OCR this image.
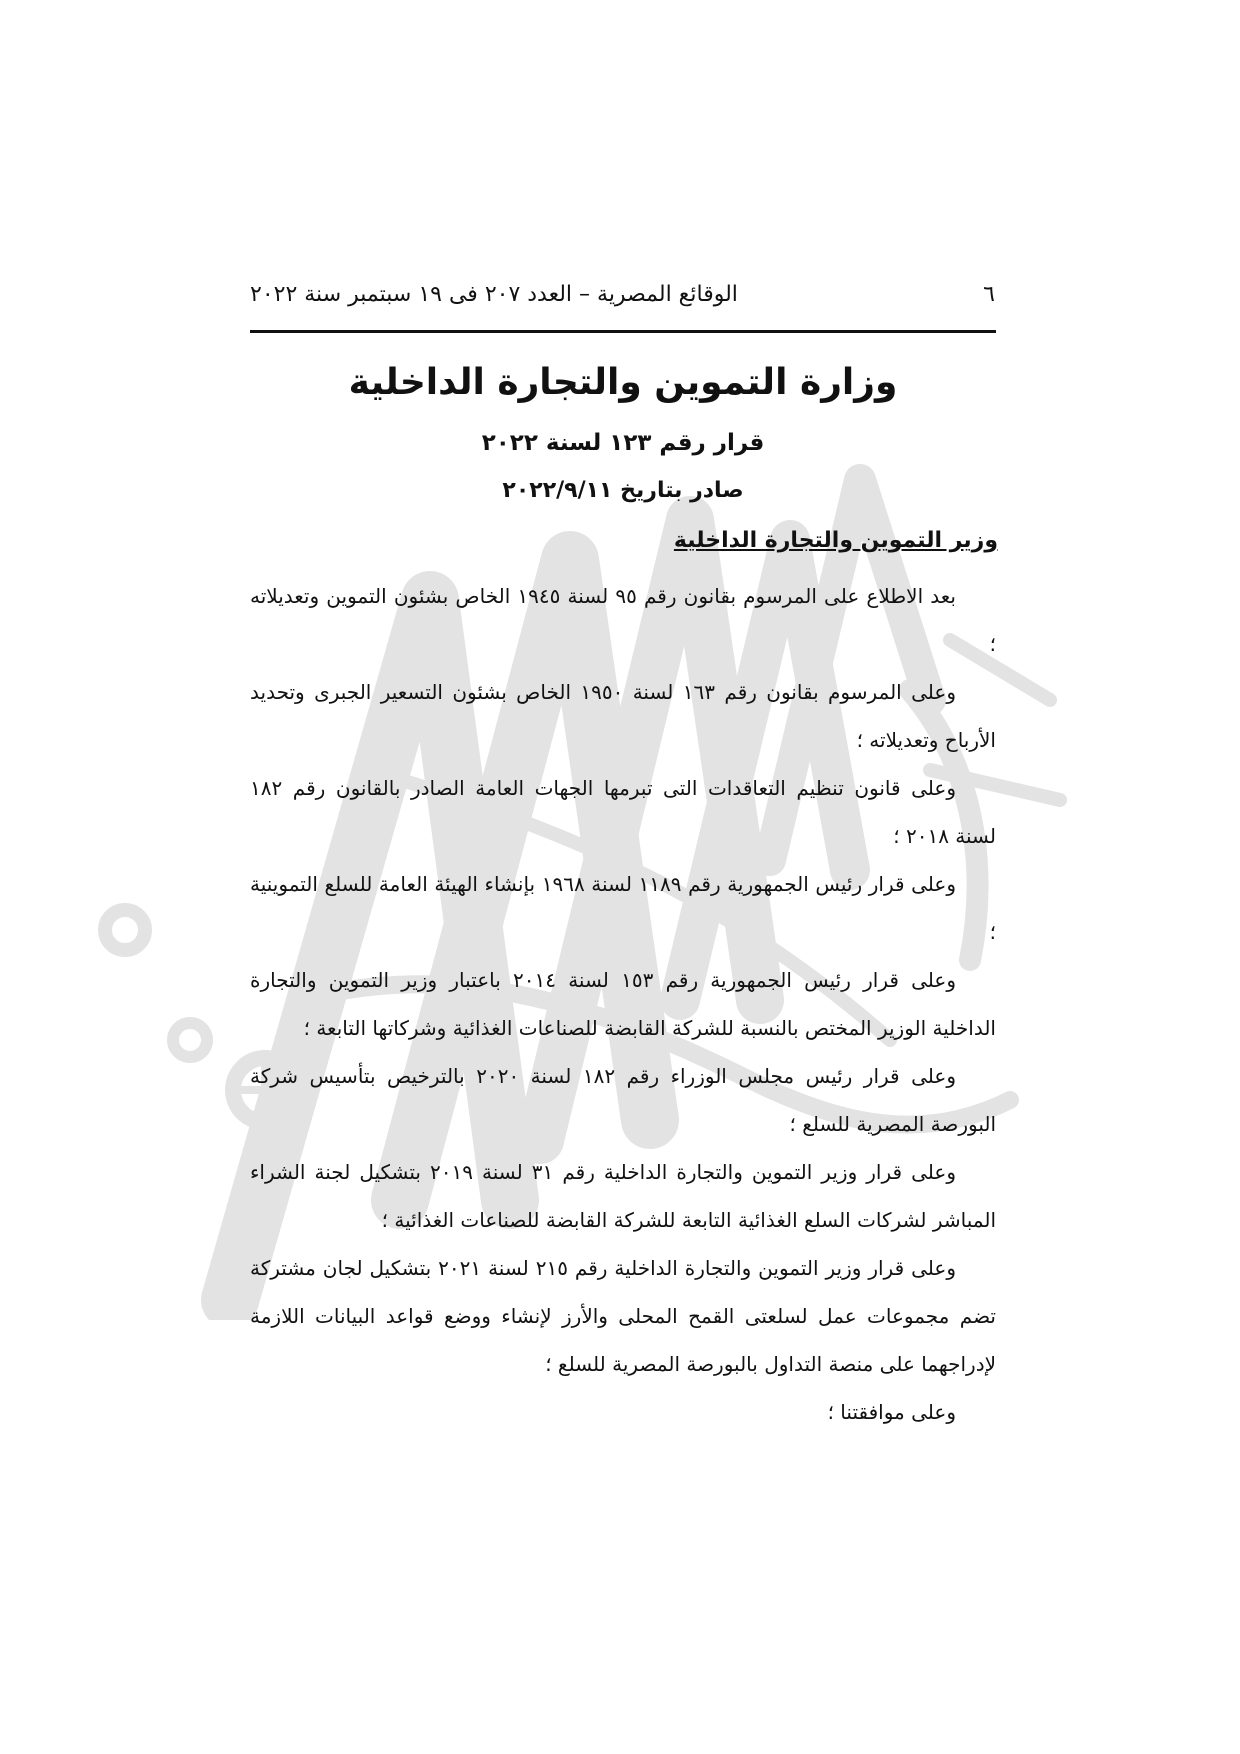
٦
الوقائع المصرية – العدد ٢٠٧ فى ١٩ سبتمبر سنة ٢٠٢٢
وزارة التموين والتجارة الداخلية
قرار رقم ١٢٣ لسنة ٢٠٢٢
صادر بتاريخ ٢٠٢٢/٩/١١
وزير التموين والتجارة الداخلية

بعد الاطلاع على المرسوم بقانون رقم ٩٥ لسنة ١٩٤٥ الخاص بشئون التموين وتعديلاته ؛

وعلى المرسوم بقانون رقم ١٦٣ لسنة ١٩٥٠ الخاص بشئون التسعير الجبرى وتحديد الأرباح وتعديلاته ؛

وعلى قانون تنظيم التعاقدات التى تبرمها الجهات العامة الصادر بالقانون رقم ١٨٢ لسنة ٢٠١٨ ؛

وعلى قرار رئيس الجمهورية رقم ١١٨٩ لسنة ١٩٦٨ بإنشاء الهيئة العامة للسلع التموينية ؛

وعلى قرار رئيس الجمهورية رقم ١٥٣ لسنة ٢٠١٤ باعتبار وزير التموين والتجارة الداخلية الوزير المختص بالنسبة للشركة القابضة للصناعات الغذائية وشركاتها التابعة ؛

وعلى قرار رئيس مجلس الوزراء رقم ١٨٢ لسنة ٢٠٢٠ بالترخيص بتأسيس شركة البورصة المصرية للسلع ؛

وعلى قرار وزير التموين والتجارة الداخلية رقم ٣١ لسنة ٢٠١٩ بتشكيل لجنة الشراء المباشر لشركات السلع الغذائية التابعة للشركة القابضة للصناعات الغذائية ؛

وعلى قرار وزير التموين والتجارة الداخلية رقم ٢١٥ لسنة ٢٠٢١ بتشكيل لجان مشتركة تضم مجموعات عمل لسلعتى القمح المحلى والأرز لإنشاء ووضع قواعد البيانات اللازمة لإدراجهما على منصة التداول بالبورصة المصرية للسلع ؛

وعلى موافقتنا ؛
